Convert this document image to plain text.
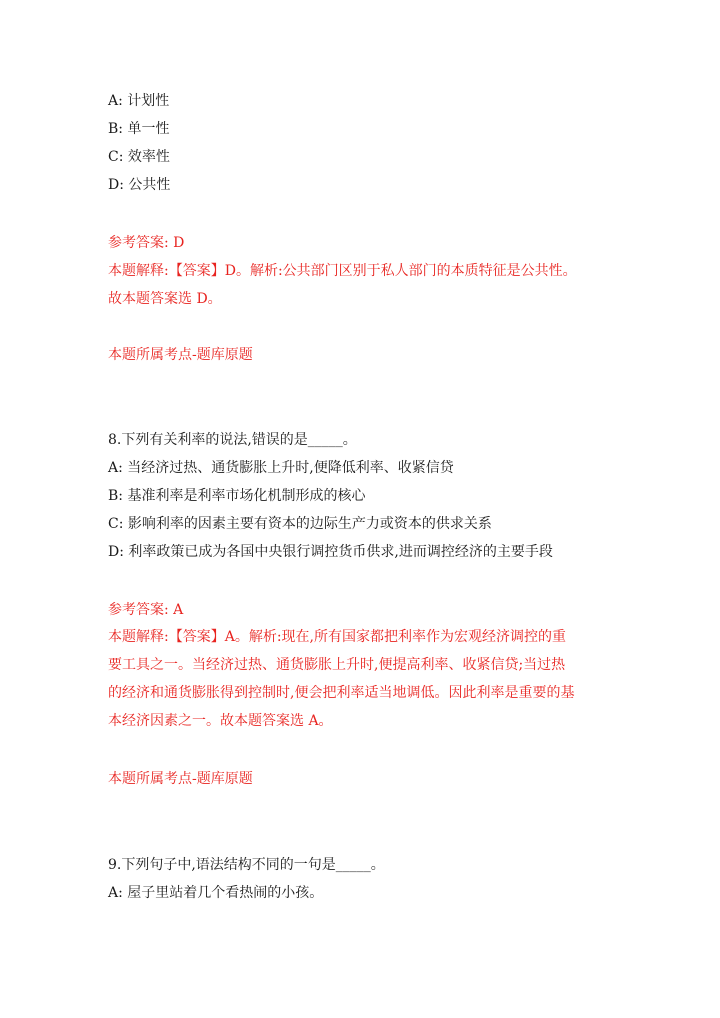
A: 计划性
B: 单一性
C: 效率性
D: 公共性
参考答案: D
本题解释:【答案】D。解析:公共部门区别于私人部门的本质特征是公共性。
故本题答案选 D。
本题所属考点-题库原题
8.下列有关利率的说法,错误的是_____。
A: 当经济过热、通货膨胀上升时,便降低利率、收紧信贷
B: 基准利率是利率市场化机制形成的核心
C: 影响利率的因素主要有资本的边际生产力或资本的供求关系
D: 利率政策已成为各国中央银行调控货币供求,进而调控经济的主要手段
参考答案: A
本题解释:【答案】A。解析:现在,所有国家都把利率作为宏观经济调控的重
要工具之一。当经济过热、通货膨胀上升时,便提高利率、收紧信贷;当过热
的经济和通货膨胀得到控制时,便会把利率适当地调低。因此利率是重要的基
本经济因素之一。故本题答案选 A。
本题所属考点-题库原题
9.下列句子中,语法结构不同的一句是_____。
A: 屋子里站着几个看热闹的小孩。
